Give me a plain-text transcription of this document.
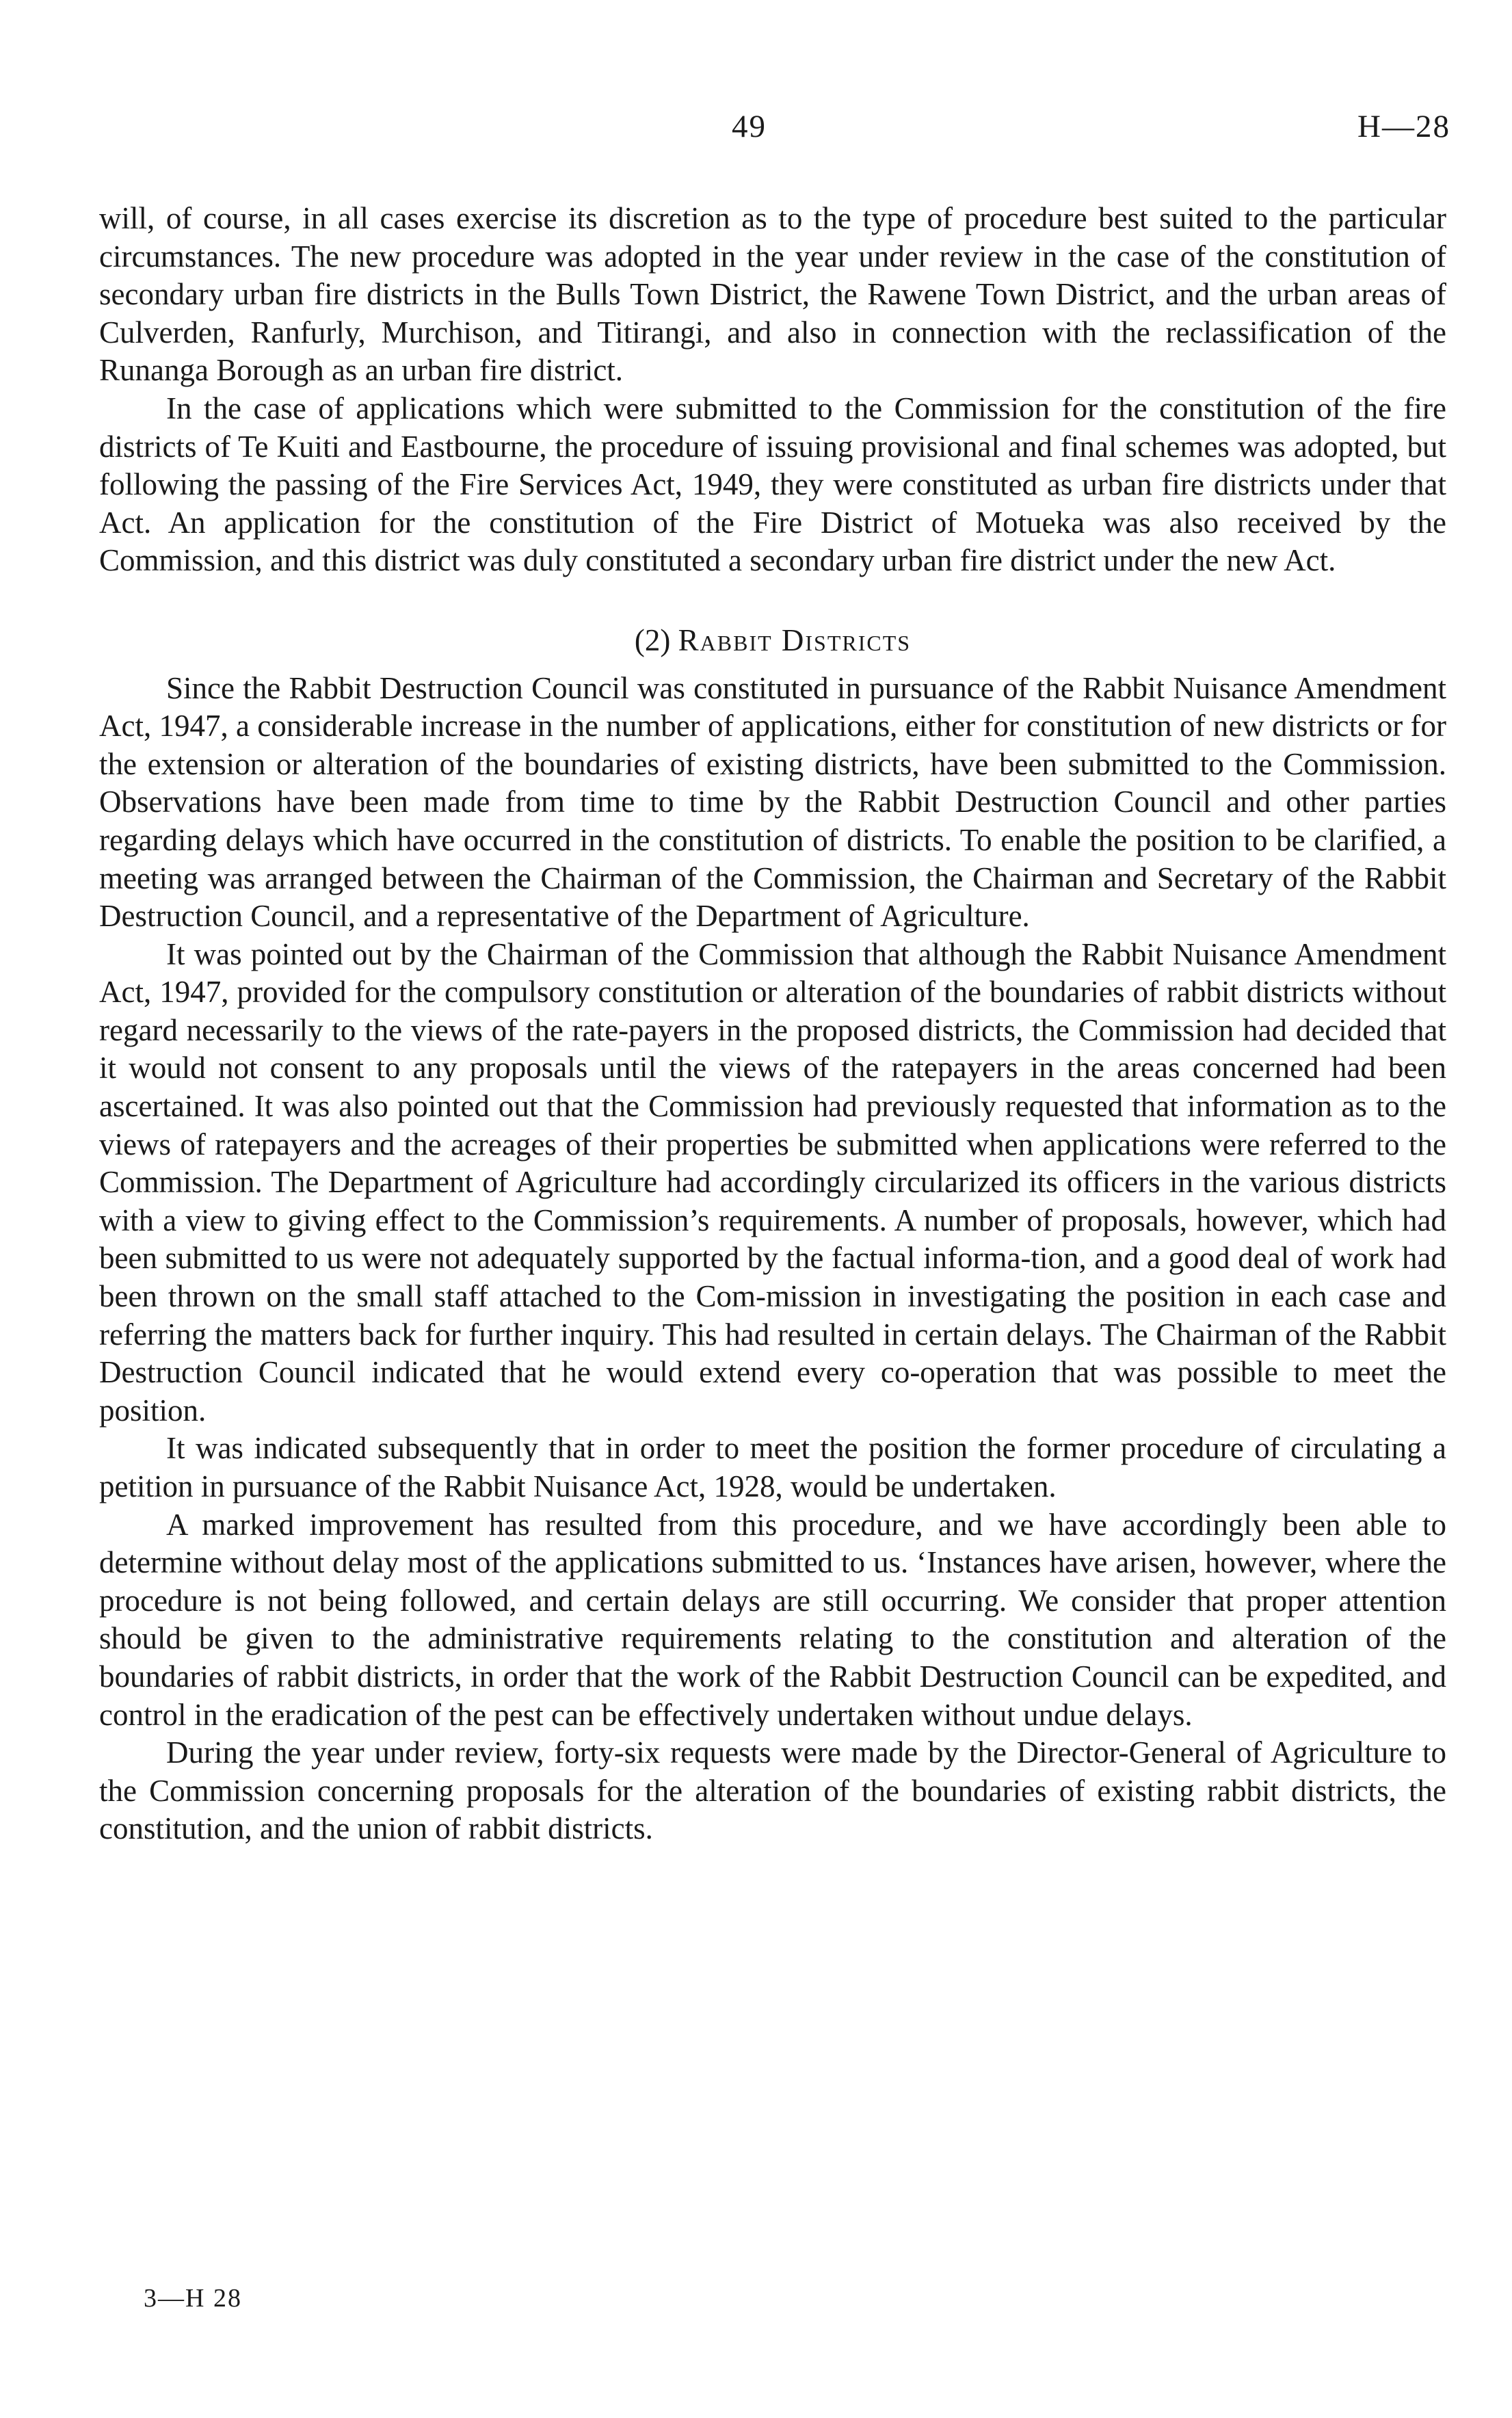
49	H—28

will, of course, in all cases exercise its discretion as to the type of procedure best suited to the particular circumstances. The new procedure was adopted in the year under review in the case of the constitution of secondary urban fire districts in the Bulls Town District, the Rawene Town District, and the urban areas of Culverden, Ranfurly, Murchison, and Titirangi, and also in connection with the reclassification of the Runanga Borough as an urban fire district.

In the case of applications which were submitted to the Commission for the constitution of the fire districts of Te Kuiti and Eastbourne, the procedure of issuing provisional and final schemes was adopted, but following the passing of the Fire Services Act, 1949, they were constituted as urban fire districts under that Act. An application for the constitution of the Fire District of Motueka was also received by the Commission, and this district was duly constituted a secondary urban fire district under the new Act.

(2) Rabbit Districts

Since the Rabbit Destruction Council was constituted in pursuance of the Rabbit Nuisance Amendment Act, 1947, a considerable increase in the number of applications, either for constitution of new districts or for the extension or alteration of the boundaries of existing districts, have been submitted to the Commission. Observations have been made from time to time by the Rabbit Destruction Council and other parties regarding delays which have occurred in the constitution of districts. To enable the position to be clarified, a meeting was arranged between the Chairman of the Commission, the Chairman and Secretary of the Rabbit Destruction Council, and a representative of the Department of Agriculture.

It was pointed out by the Chairman of the Commission that although the Rabbit Nuisance Amendment Act, 1947, provided for the compulsory constitution or alteration of the boundaries of rabbit districts without regard necessarily to the views of the rate-payers in the proposed districts, the Commission had decided that it would not consent to any proposals until the views of the ratepayers in the areas concerned had been ascertained. It was also pointed out that the Commission had previously requested that information as to the views of ratepayers and the acreages of their properties be submitted when applications were referred to the Commission. The Department of Agriculture had accordingly circularized its officers in the various districts with a view to giving effect to the Commission’s requirements. A number of proposals, however, which had been submitted to us were not adequately supported by the factual informa-tion, and a good deal of work had been thrown on the small staff attached to the Com-mission in investigating the position in each case and referring the matters back for further inquiry. This had resulted in certain delays. The Chairman of the Rabbit Destruction Council indicated that he would extend every co-operation that was possible to meet the position.

It was indicated subsequently that in order to meet the position the former procedure of circulating a petition in pursuance of the Rabbit Nuisance Act, 1928, would be undertaken.

A marked improvement has resulted from this procedure, and we have accordingly been able to determine without delay most of the applications submitted to us. ‘Instances have arisen, however, where the procedure is not being followed, and certain delays are still occurring. We consider that proper attention should be given to the administrative requirements relating to the constitution and alteration of the boundaries of rabbit districts, in order that the work of the Rabbit Destruction Council can be expedited, and control in the eradication of the pest can be effectively undertaken without undue delays.

During the year under review, forty-six requests were made by the Director-General of Agriculture to the Commission concerning proposals for the alteration of the boundaries of existing rabbit districts, the constitution, and the union of rabbit districts.

3—H 28
